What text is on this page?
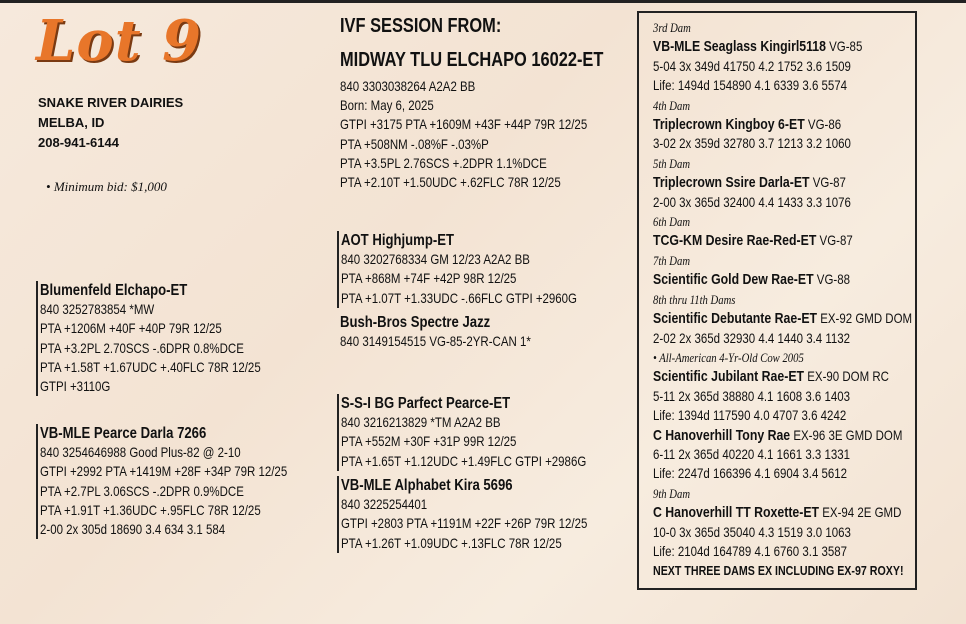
Lot 9
SNAKE RIVER DAIRIES
MELBA, ID
208-941-6144
• Minimum bid: $1,000
IVF SESSION FROM:
MIDWAY TLU ELCHAPO 16022-ET
840 3303038264 A2A2 BB
Born: May 6, 2025
GTPI +3175 PTA +1609M +43F +44P 79R 12/25
PTA +508NM -.08%F -.03%P
PTA +3.5PL 2.76SCS +.2DPR 1.1%DCE
PTA +2.10T +1.50UDC +.62FLC 78R 12/25
Blumenfeld Elchapo-ET
840 3252783854 *MW
PTA +1206M +40F +40P 79R 12/25
PTA +3.2PL 2.70SCS -.6DPR 0.8%DCE
PTA +1.58T +1.67UDC +.40FLC 78R 12/25
GTPI +3110G
VB-MLE Pearce Darla 7266
840 3254646988 Good Plus-82 @ 2-10
GTPI +2992 PTA +1419M +28F +34P 79R 12/25
PTA +2.7PL 3.06SCS -.2DPR 0.9%DCE
PTA +1.91T +1.36UDC +.95FLC 78R 12/25
2-00 2x 305d 18690 3.4 634 3.1 584
AOT Highjump-ET
840 3202768334 GM 12/23 A2A2 BB
PTA +868M +74F +42P 98R 12/25
PTA +1.07T +1.33UDC -.66FLC GTPI +2960G
Bush-Bros Spectre Jazz
840 3149154515 VG-85-2YR-CAN 1*
S-S-I BG Parfect Pearce-ET
840 3216213829 *TM A2A2 BB
PTA +552M +30F +31P 99R 12/25
PTA +1.65T +1.12UDC +1.49FLC GTPI +2986G
VB-MLE Alphabet Kira 5696
840 3225254401
GTPI +2803 PTA +1191M +22F +26P 79R 12/25
PTA +1.26T +1.09UDC +.13FLC 78R 12/25
3rd Dam
VB-MLE Seaglass Kingirl5118 VG-85
5-04 3x 349d 41750 4.2 1752 3.6 1509
Life: 1494d 154890 4.1 6339 3.6 5574
4th Dam
Triplecrown Kingboy 6-ET VG-86
3-02 2x 359d 32780 3.7 1213 3.2 1060
5th Dam
Triplecrown Ssire Darla-ET VG-87
2-00 3x 365d 32400 4.4 1433 3.3 1076
6th Dam
TCG-KM Desire Rae-Red-ET VG-87
7th Dam
Scientific Gold Dew Rae-ET VG-88
8th thru 11th Dams
Scientific Debutante Rae-ET EX-92 GMD DOM
2-02 2x 365d 32930 4.4 1440 3.4 1132
• All-American 4-Yr-Old Cow 2005
Scientific Jubilant Rae-ET EX-90 DOM RC
5-11 2x 365d 38880 4.1 1608 3.6 1403
Life: 1394d 117590 4.0 4707 3.6 4242
C Hanoverhill Tony Rae EX-96 3E GMD DOM
6-11 2x 365d 40220 4.1 1661 3.3 1331
Life: 2247d 166396 4.1 6904 3.4 5612
9th Dam
C Hanoverhill TT Roxette-ET EX-94 2E GMD
10-0 3x 365d 35040 4.3 1519 3.0 1063
Life: 2104d 164789 4.1 6760 3.1 3587
NEXT THREE DAMS EX INCLUDING EX-97 ROXY!
